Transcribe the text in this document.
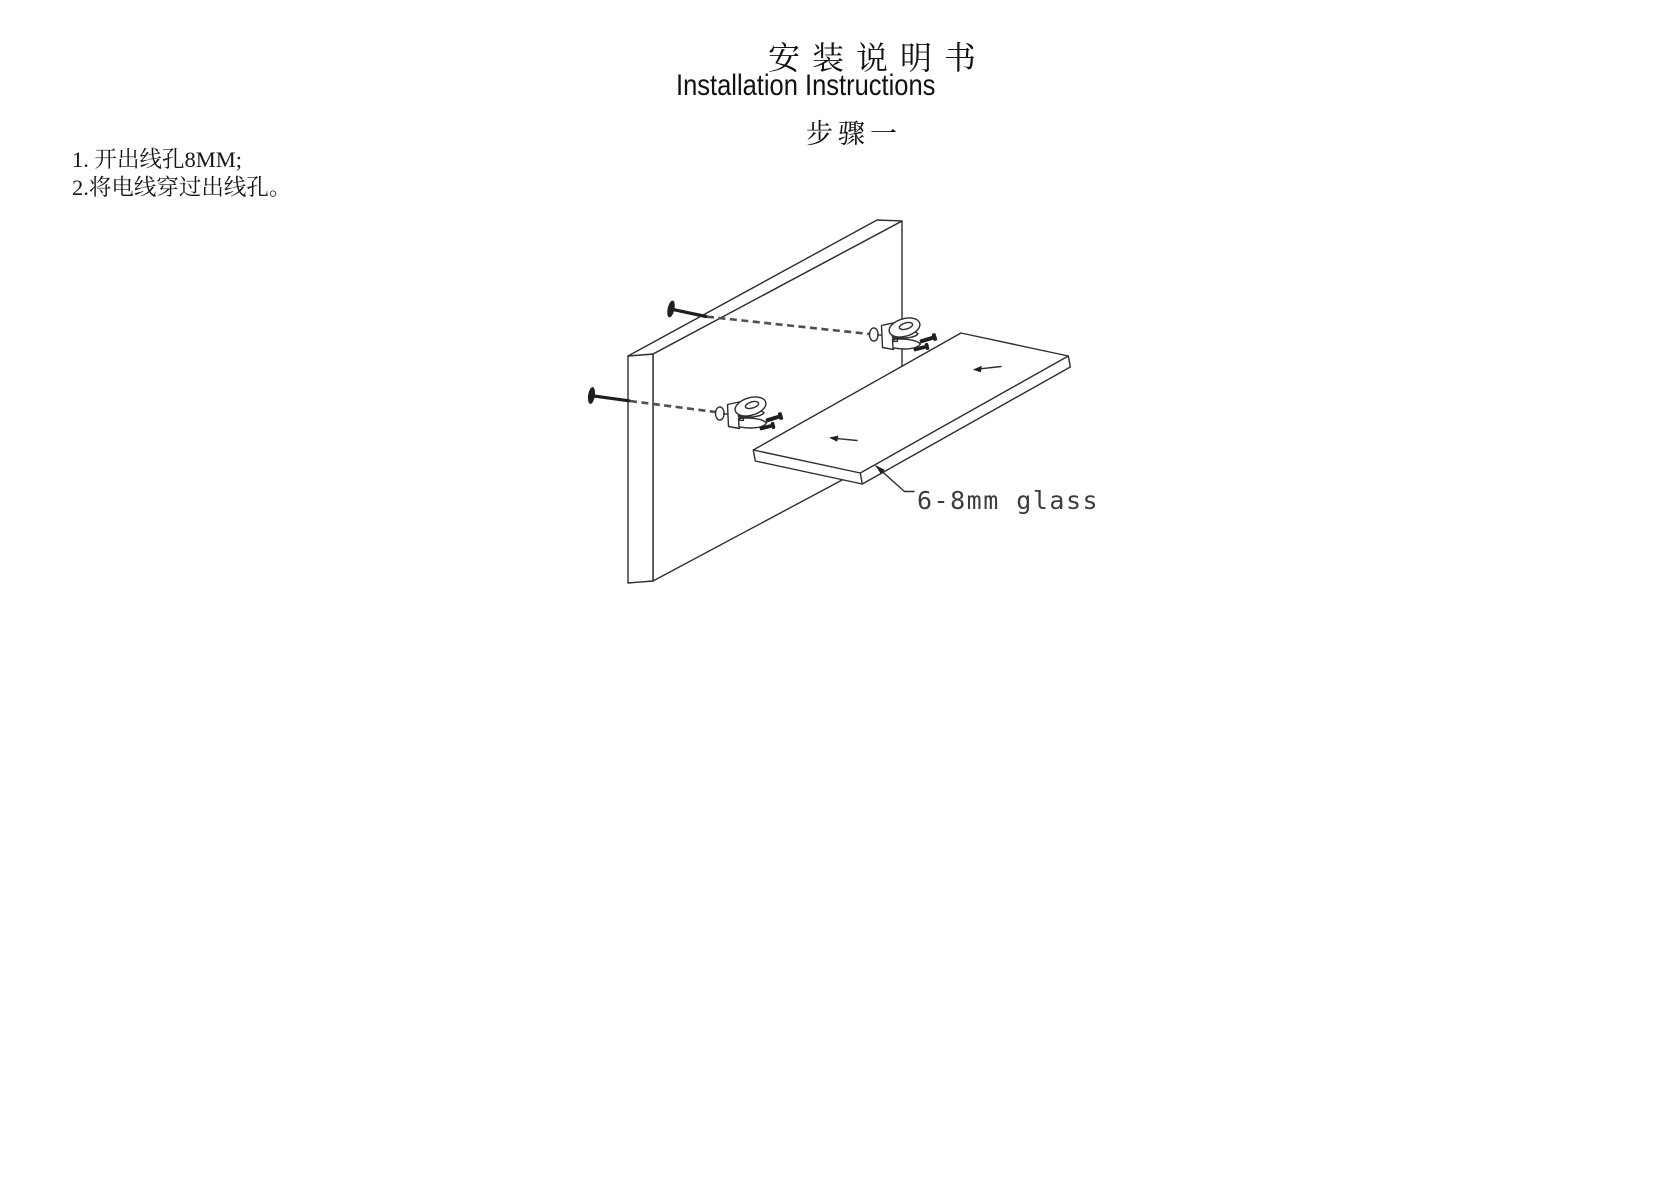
安装说明书
Installation Instructions
步骤一
1. 开出线孔8MM;
2.将电线穿过出线孔。
6-8mm glass
